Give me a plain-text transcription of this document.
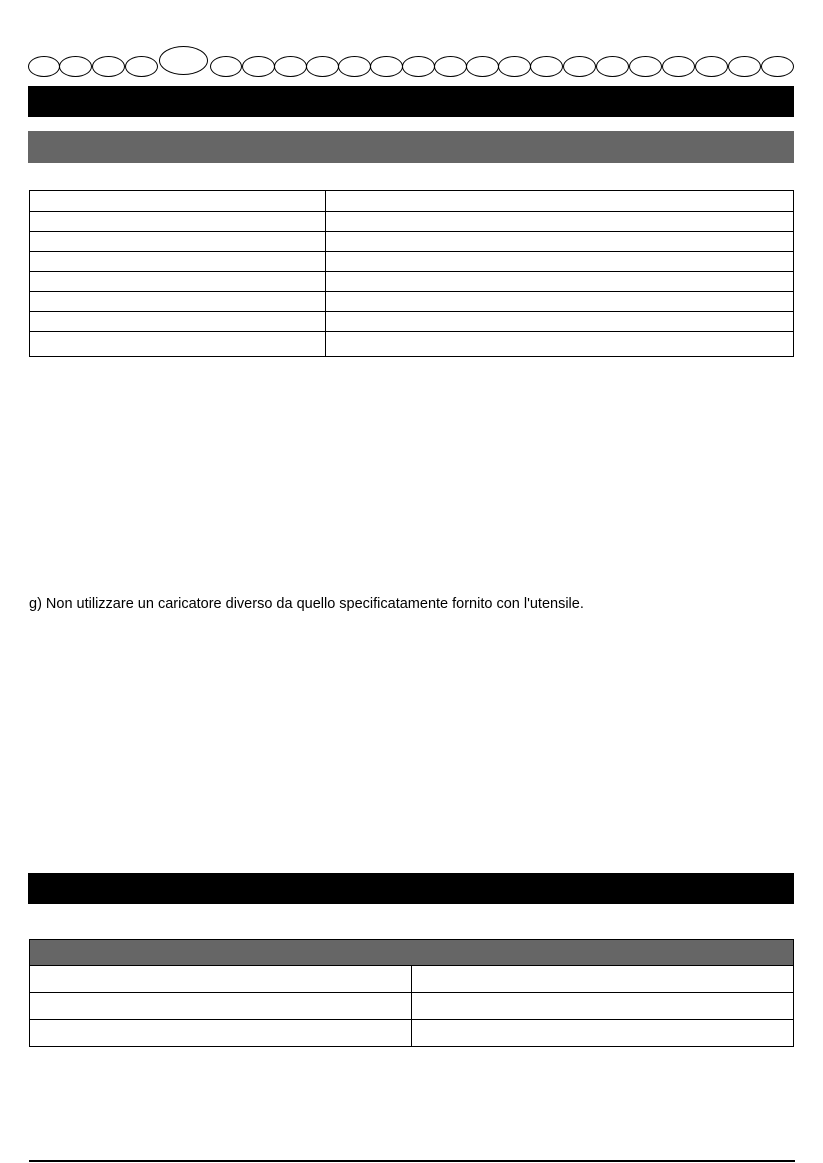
g) Non utilizzare un caricatore diverso da quello specificatamente fornito con l'utensile.
